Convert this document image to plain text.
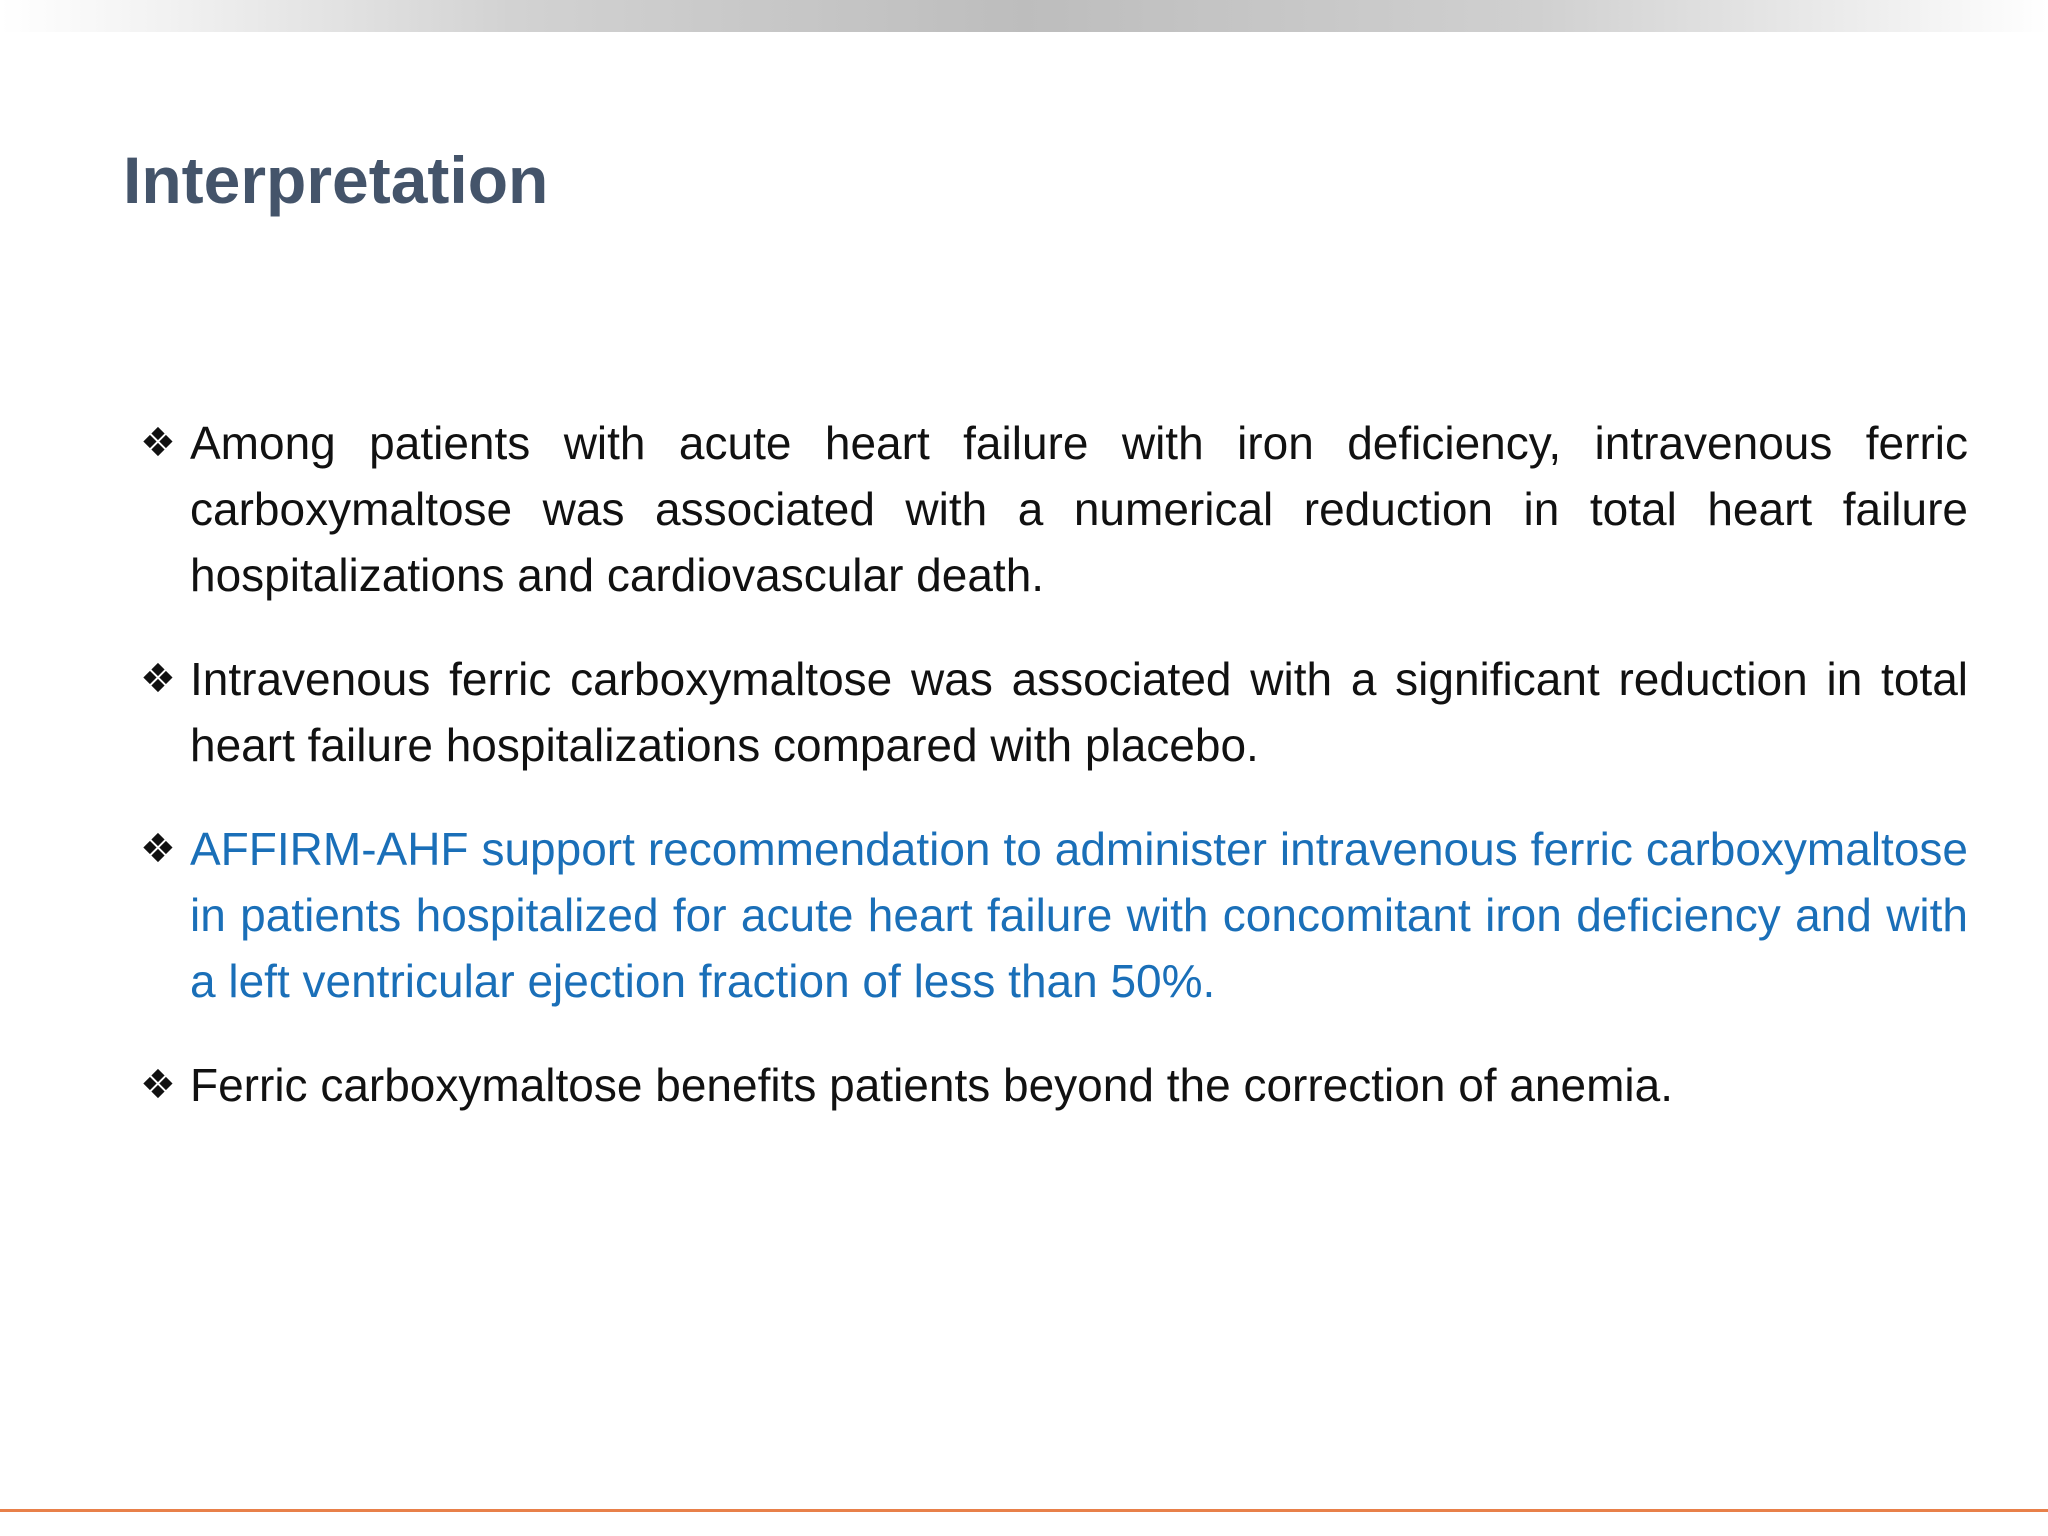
Interpretation
❖ Among patients with acute heart failure with iron deficiency, intravenous ferric carboxymaltose was associated with a numerical reduction in total heart failure hospitalizations and cardiovascular death.
❖ Intravenous ferric carboxymaltose was associated with a significant reduction in total heart failure hospitalizations compared with placebo.
❖ AFFIRM-AHF support recommendation to administer intravenous ferric carboxymaltose in patients hospitalized for acute heart failure with concomitant iron deficiency and with a left ventricular ejection fraction of less than 50%.
❖ Ferric carboxymaltose benefits patients beyond the correction of anemia.
